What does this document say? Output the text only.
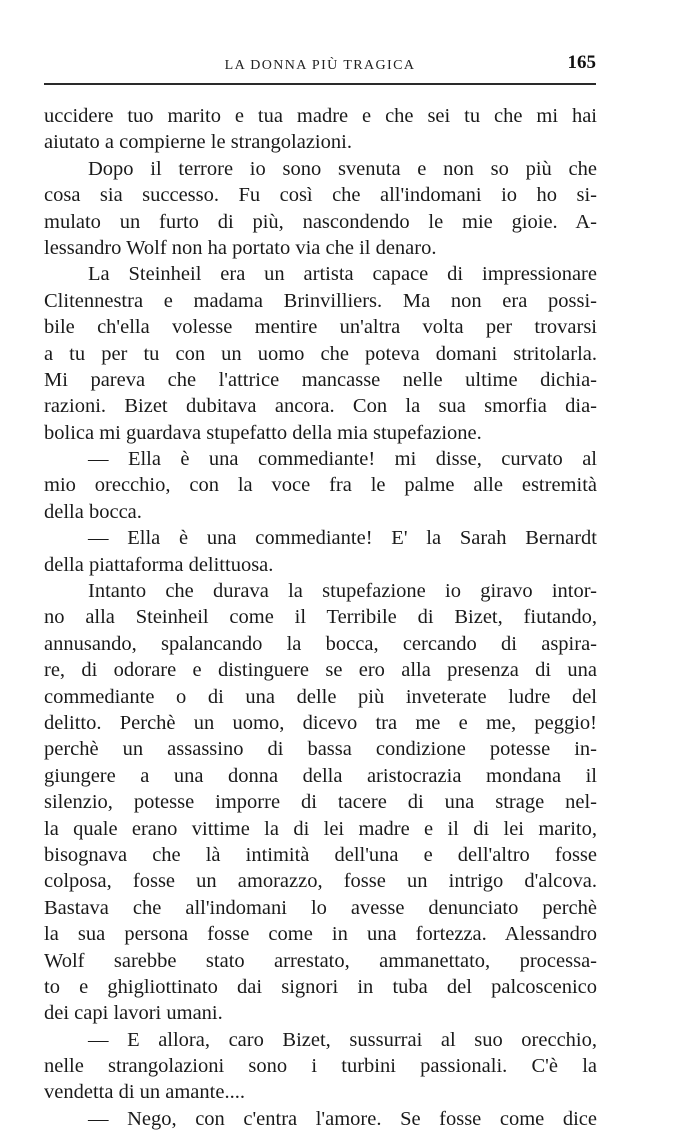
LA DONNA PIÙ TRAGICA	165
uccidere tuo marito e tua madre e che sei tu che mi hai
aiutato a compierne le strangolazioni.
Dopo il terrore io sono svenuta e non so più che
cosa sia successo. Fu così che all'indomani io ho si-
mulato un furto di più, nascondendo le mie gioie. A-
lessandro Wolf non ha portato via che il denaro.
La Steinheil era un artista capace di impressionare
Clitennestra e madama Brinvilliers. Ma non era possi-
bile ch'ella volesse mentire un'altra volta per trovarsi
a tu per tu con un uomo che poteva domani stritolarla.
Mi pareva che l'attrice mancasse nelle ultime dichia-
razioni. Bizet dubitava ancora. Con la sua smorfia dia-
bolica mi guardava stupefatto della mia stupefazione.
— Ella è una commediante! mi disse, curvato al
mio orecchio, con la voce fra le palme alle estremità
della bocca.
— Ella è una commediante! E' la Sarah Bernardt
della piattaforma delittuosa.
Intanto che durava la stupefazione io giravo intor-
no alla Steinheil come il Terribile di Bizet, fiutando,
annusando, spalancando la bocca, cercando di aspira-
re, di odorare e distinguere se ero alla presenza di una
commediante o di una delle più inveterate ludre del
delitto. Perchè un uomo, dicevo tra me e me, peggio!
perchè un assassino di bassa condizione potesse in-
giungere a una donna della aristocrazia mondana il
silenzio, potesse imporre di tacere di una strage nel-
la quale erano vittime la di lei madre e il di lei marito,
bisognava che là intimità dell'una e dell'altro fosse
colposa, fosse un amorazzo, fosse un intrigo d'alcova.
Bastava che all'indomani lo avesse denunciato perchè
la sua persona fosse come in una fortezza. Alessandro
Wolf sarebbe stato arrestato, ammanettato, processa-
to e ghigliottinato dai signori in tuba del palcoscenico
dei capi lavori umani.
— E allora, caro Bizet, sussurrai al suo orecchio,
nelle strangolazioni sono i turbini passionali. C'è la
vendetta di un amante....
— Nego, con c'entra l'amore. Se fosse come dice
